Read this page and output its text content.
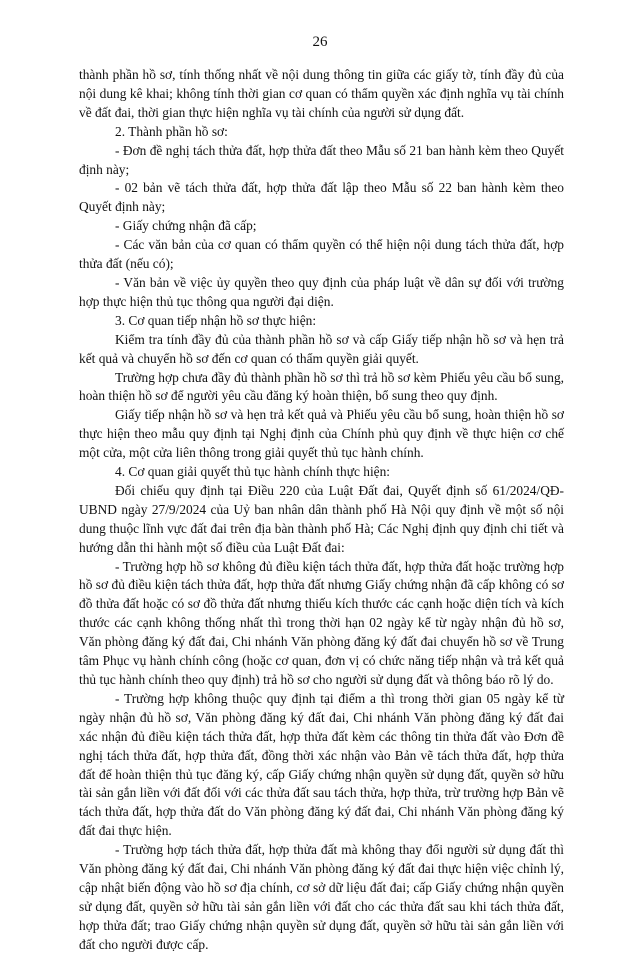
26

thành phần hồ sơ, tính thống nhất về nội dung thông tin giữa các giấy tờ, tính đầy đủ của nội dung kê khai; không tính thời gian cơ quan có thẩm quyền xác định nghĩa vụ tài chính về đất đai, thời gian thực hiện nghĩa vụ tài chính của người sử dụng đất.

2. Thành phần hồ sơ:

- Đơn đề nghị tách thửa đất, hợp thửa đất theo Mẫu số 21 ban hành kèm theo Quyết định này;

- 02 bản vẽ tách thửa đất, hợp thửa đất lập theo Mẫu số 22 ban hành kèm theo Quyết định này;

- Giấy chứng nhận đã cấp;

- Các văn bản của cơ quan có thẩm quyền có thể hiện nội dung tách thửa đất, hợp thửa đất (nếu có);

- Văn bản về việc ủy quyền theo quy định của pháp luật về dân sự đối với trường hợp thực hiện thủ tục thông qua người đại diện.

3. Cơ quan tiếp nhận hồ sơ thực hiện:

Kiểm tra tính đầy đủ của thành phần hồ sơ và cấp Giấy tiếp nhận hồ sơ và hẹn trả kết quả và chuyển hồ sơ đến cơ quan có thẩm quyền giải quyết.

Trường hợp chưa đầy đủ thành phần hồ sơ thì trả hồ sơ kèm Phiếu yêu cầu bổ sung, hoàn thiện hồ sơ để người yêu cầu đăng ký hoàn thiện, bổ sung theo quy định.

Giấy tiếp nhận hồ sơ và hẹn trả kết quả và Phiếu yêu cầu bổ sung, hoàn thiện hồ sơ thực hiện theo mẫu quy định tại Nghị định của Chính phủ quy định về thực hiện cơ chế một cửa, một cửa liên thông trong giải quyết thủ tục hành chính.

4. Cơ quan giải quyết thủ tục hành chính thực hiện:

Đối chiếu quy định tại Điều 220 của Luật Đất đai, Quyết định số 61/2024/QĐ-UBND ngày 27/9/2024 của Uỷ ban nhân dân thành phố Hà Nội quy định về một số nội dung thuộc lĩnh vực đất đai trên địa bàn thành phố Hà; Các Nghị định quy định chi tiết và hướng dẫn thi hành một số điều của Luật Đất đai:

- Trường hợp hồ sơ không đủ điều kiện tách thửa đất, hợp thửa đất hoặc trường hợp hồ sơ đủ điều kiện tách thửa đất, hợp thửa đất nhưng Giấy chứng nhận đã cấp không có sơ đồ thửa đất hoặc có sơ đồ thửa đất nhưng thiếu kích thước các cạnh hoặc diện tích và kích thước các cạnh không thống nhất thì trong thời hạn 02 ngày kể từ ngày nhận đủ hồ sơ, Văn phòng đăng ký đất đai, Chi nhánh Văn phòng đăng ký đất đai chuyển hồ sơ về Trung tâm Phục vụ hành chính công (hoặc cơ quan, đơn vị có chức năng tiếp nhận và trả kết quả thủ tục hành chính theo quy định) trả hồ sơ cho người sử dụng đất và thông báo rõ lý do.

- Trường hợp không thuộc quy định tại điểm a thì trong thời gian 05 ngày kể từ ngày nhận đủ hồ sơ, Văn phòng đăng ký đất đai, Chi nhánh Văn phòng đăng ký đất đai xác nhận đủ điều kiện tách thửa đất, hợp thửa đất kèm các thông tin thửa đất vào Đơn đề nghị tách thửa đất, hợp thửa đất, đồng thời xác nhận vào Bản vẽ tách thửa đất, hợp thửa đất để hoàn thiện thủ tục đăng ký, cấp Giấy chứng nhận quyền sử dụng đất, quyền sở hữu tài sản gắn liền với đất đối với các thửa đất sau tách thửa, hợp thửa, trừ trường hợp Bản vẽ tách thửa đất, hợp thửa đất do Văn phòng đăng ký đất đai, Chi nhánh Văn phòng đăng ký đất đai thực hiện.

- Trường hợp tách thửa đất, hợp thửa đất mà không thay đổi người sử dụng đất thì Văn phòng đăng ký đất đai, Chi nhánh Văn phòng đăng ký đất đai thực hiện việc chỉnh lý, cập nhật biến động vào hồ sơ địa chính, cơ sở dữ liệu đất đai; cấp Giấy chứng nhận quyền sử dụng đất, quyền sở hữu tài sản gắn liền với đất cho các thửa đất sau khi tách thửa đất, hợp thửa đất; trao Giấy chứng nhận quyền sử dụng đất, quyền sở hữu tài sản gắn liền với đất cho người được cấp.
